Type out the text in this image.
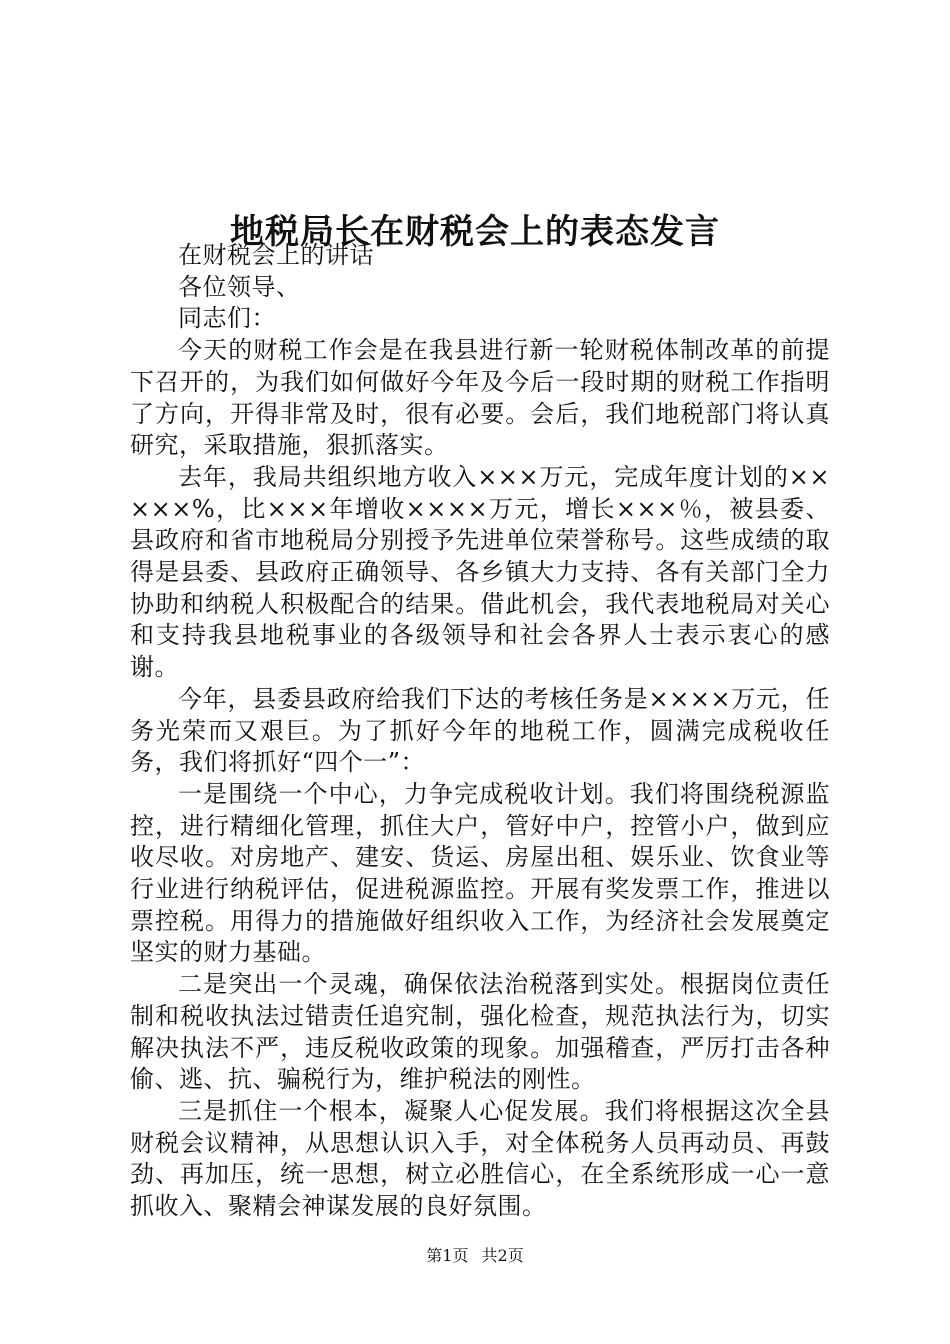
地税局长在财税会上的表态发言

在财税会上的讲话

各位领导、

同志们：

今天的财税工作会是在我县进行新一轮财税体制改革的前提下召开的，为我们如何做好今年及今后一段时期的财税工作指明了方向，开得非常及时，很有必要。会后，我们地税部门将认真研究，采取措施，狠抓落实。

去年，我局共组织地方收入×××万元，完成年度计划的×××××%，比×××年增收××××万元，增长×××％，被县委、县政府和省市地税局分别授予先进单位荣誉称号。这些成绩的取得是县委、县政府正确领导、各乡镇大力支持、各有关部门全力协助和纳税人积极配合的结果。借此机会，我代表地税局对关心和支持我县地税事业的各级领导和社会各界人士表示衷心的感谢。

今年，县委县政府给我们下达的考核任务是××××万元，任务光荣而又艰巨。为了抓好今年的地税工作，圆满完成税收任务，我们将抓好“四个一”：

一是围绕一个中心，力争完成税收计划。我们将围绕税源监控，进行精细化管理，抓住大户，管好中户，控管小户，做到应收尽收。对房地产、建安、货运、房屋出租、娱乐业、饮食业等行业进行纳税评估，促进税源监控。开展有奖发票工作，推进以票控税。用得力的措施做好组织收入工作，为经济社会发展奠定坚实的财力基础。

二是突出一个灵魂，确保依法治税落到实处。根据岗位责任制和税收执法过错责任追究制，强化检查，规范执法行为，切实解决执法不严，违反税收政策的现象。加强稽查，严厉打击各种偷、逃、抗、骗税行为，维护税法的刚性。

三是抓住一个根本，凝聚人心促发展。我们将根据这次全县财税会议精神，从思想认识入手，对全体税务人员再动员、再鼓劲、再加压，统一思想，树立必胜信心，在全系统形成一心一意抓收入、聚精会神谋发展的良好氛围。

第1页 共2页
